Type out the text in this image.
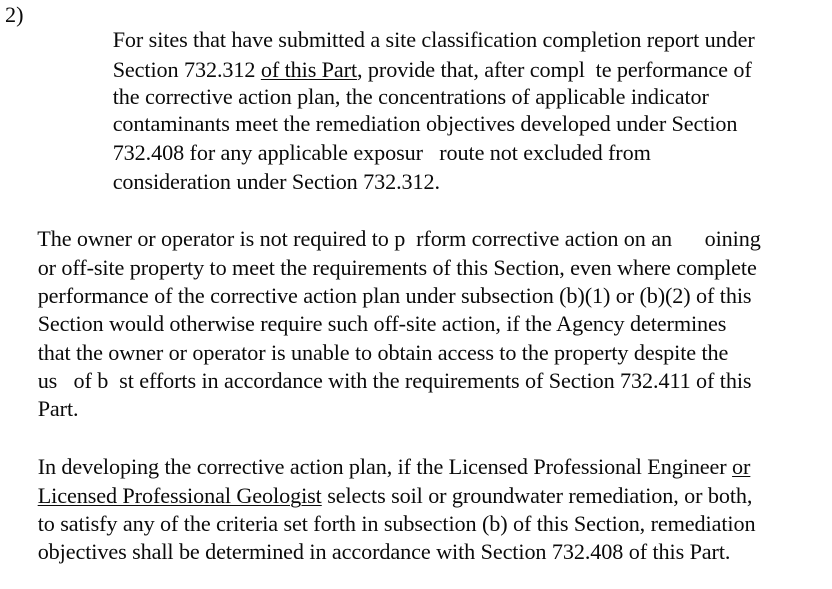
2)

For sites that have submitted a site classification completion report under

Section 732.312 of this Part, provide that, after compl  te performance of

the corrective action plan, the concentrations of applicable indicator

contaminants meet the remediation objectives developed under Section

732.408 for any applicable exposur   route not excluded from

consideration under Section 732.312.

The owner or operator is not required to p  rform corrective action on an      oining

or off-site property to meet the requirements of this Section, even where complete

performance of the corrective action plan under subsection (b)(1) or (b)(2) of this

Section would otherwise require such off-site action, if the Agency determines

that the owner or operator is unable to obtain access to the property despite the

us   of b  st efforts in accordance with the requirements of Section 732.411 of this

Part.

In developing the corrective action plan, if the Licensed Professional Engineer or

Licensed Professional Geologist selects soil or groundwater remediation, or both,

to satisfy any of the criteria set forth in subsection (b) of this Section, remediation

objectives shall be determined in accordance with Section 732.408 of this Part.
